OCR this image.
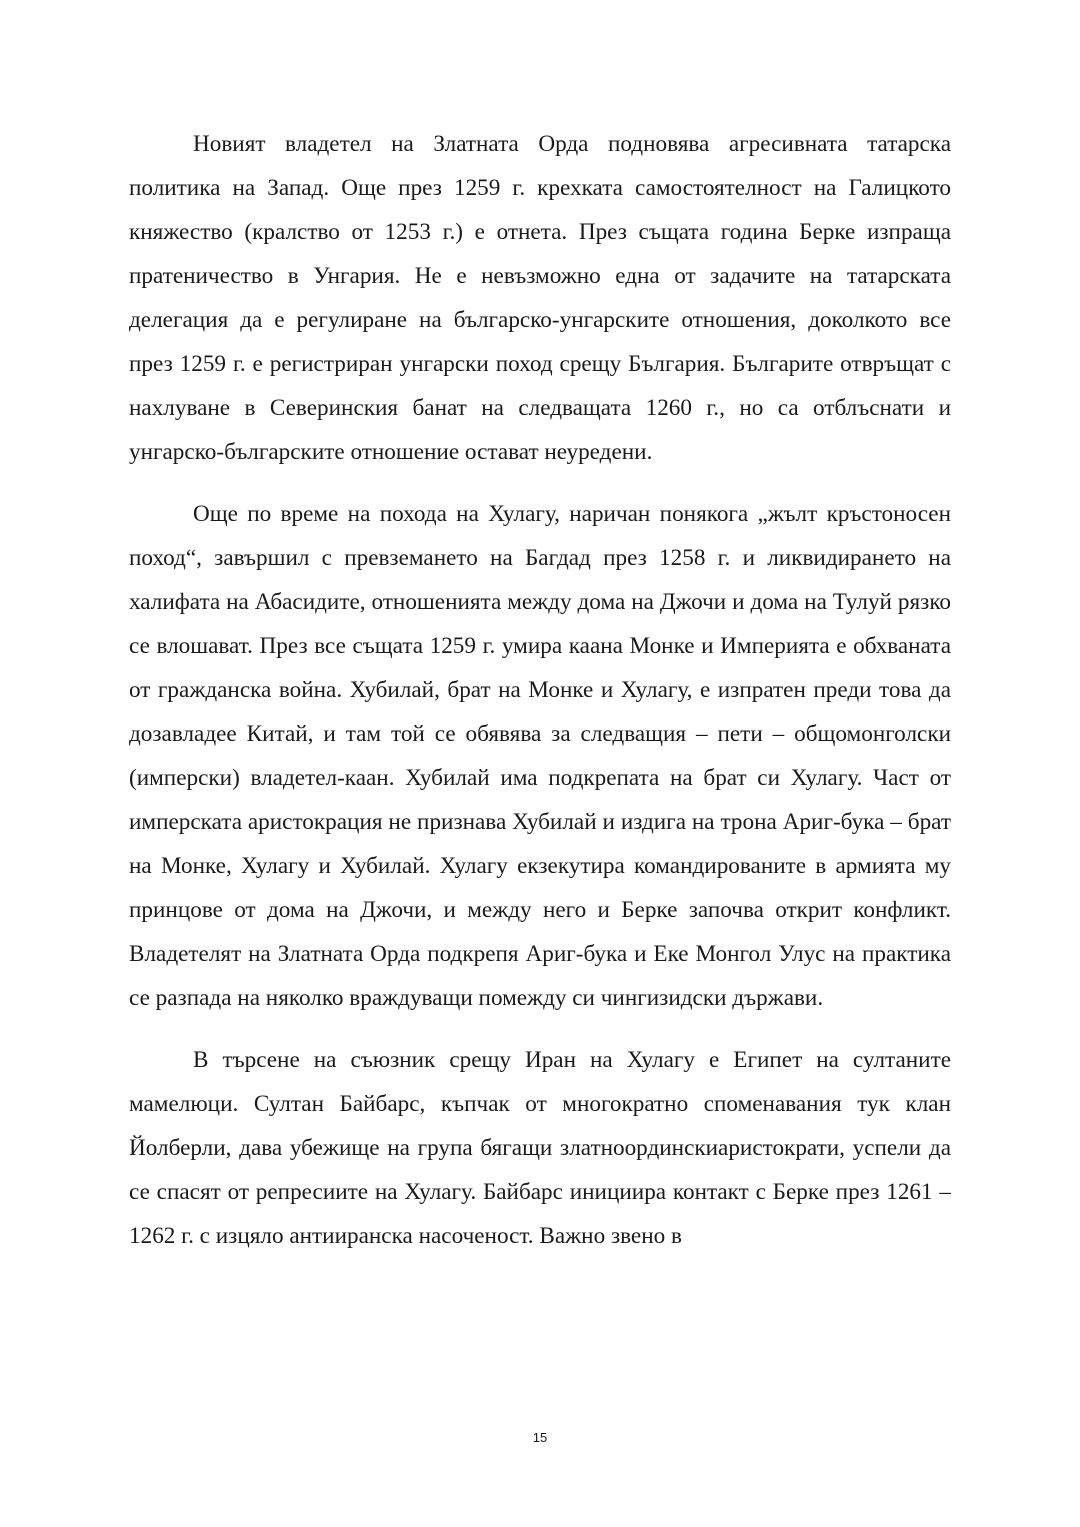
Новият владетел на Златната Орда подновява агресивната татарска политика на Запад. Още през 1259 г. крехката самостоятелност на Галицкото княжество (кралство от 1253 г.) е отнета. През същата година Берке изпраща пратеничество в Унгария. Не е невъзможно една от задачите на татарската делегация да е регулиране на българско-унгарските отношения, доколкото все през 1259 г. е регистриран унгарски поход срещу България. Българите отвръщат с нахлуване в Северинския банат на следващата 1260 г., но са отблъснати и унгарско-българските отношение остават неуредени.

Още по време на похода на Хулагу, наричан понякога „жълт кръстоносен поход“, завършил с превземането на Багдад през 1258 г. и ликвидирането на халифата на Абасидите, отношенията между дома на Джочи и дома на Тулуй рязко се влошават. През все същата 1259 г. умира каана Монке и Империята е обхваната от гражданска война. Хубилай, брат на Монке и Хулагу, е изпратен преди това да дозавладее Китай, и там той се обявява за следващия – пети – общомонголски (имперски) владетел-каан. Хубилай има подкрепата на брат си Хулагу. Част от имперската аристокрация не признава Хубилай и издига на трона Ариг-бука – брат на Монке, Хулагу и Хубилай. Хулагу екзекутира командированите в армията му принцове от дома на Джочи, и между него и Берке започва открит конфликт. Владетелят на Златната Орда подкрепя Ариг-бука и Еке Монгол Улус на практика се разпада на няколко враждуващи помежду си чингизидски държави.

В търсене на съюзник срещу Иран на Хулагу е Египет на султаните мамелюци. Султан Байбарс, къпчак от многократно споменавания тук клан Йолберли, дава убежище на група бягащи златноординскиаристократи, успели да се спасят от репресиите на Хулагу. Байбарс инициира контакт с Берке през 1261 – 1262 г. с изцяло антииранска насоченост. Важно звено в

15
